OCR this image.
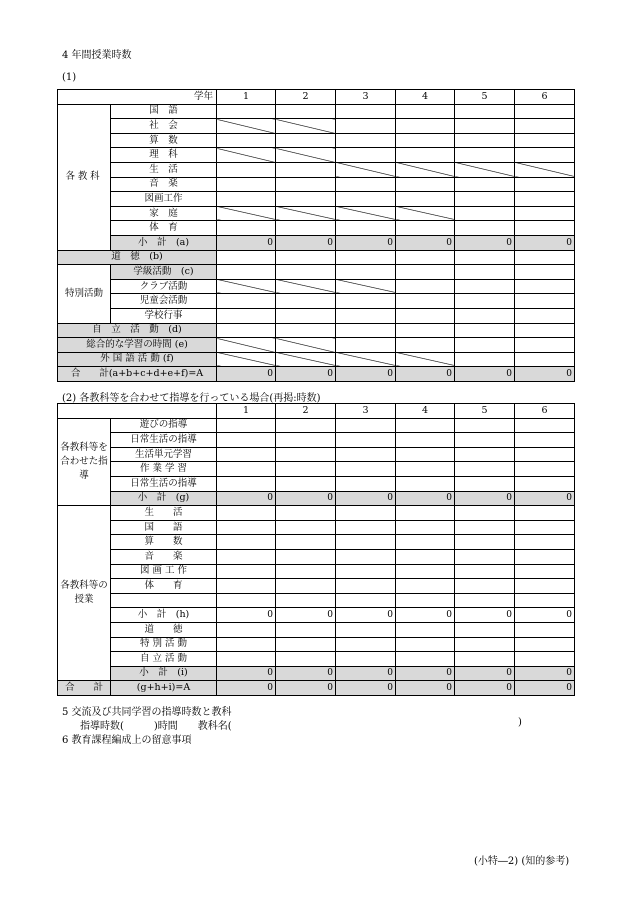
4 年間授業時数
(1)
学年		1	2	3	4	5	6
各教科	国　語						
	社　会						
	算　数						
	理　科						
	生　活						
	音　楽						
	図画工作						
	家　庭						
	体　育						
	小　計　(a)	0	0	0	0	0	0
道　徳　(b)							
特別活動	学級活動　(c)						
	クラブ活動						
	児童会活動						
	学校行事						
自　立　活　動　(d)							
総合的な学習の時間 (e)							
外 国 語 活 動 (f)							
合　　計(a+b+c+d+e+f)=A		0	0	0	0	0	0
(2) 各教科等を合わせて指導を行っている場合(再掲:時数)
		1	2	3	4	5	6
各教科等を合わせた指導	遊びの指導						
	日常生活の指導						
	生活単元学習						
	作 業 学 習						
	日常生活の指導						
	小　計　(g)	0	0	0	0	0	0
各教科等の授業	生　　活						
	国　　語						
	算　　数						
	音　　楽						
	図 画 工 作						
	体　　育						

	小　計　(h)	0	0	0	0	0	0
	道　　徳						
	特 別 活 動						
	自 立 活 動						
	小　計　(i)	0	0	0	0	0	0
合　　計	(g+h+i)=A	0	0	0	0	0	0
5 交流及び共同学習の指導時数と教科
指導時数(　　　)時間　　教科名(	)
6 教育課程編成上の留意事項
(小特―2) (知的参考)
